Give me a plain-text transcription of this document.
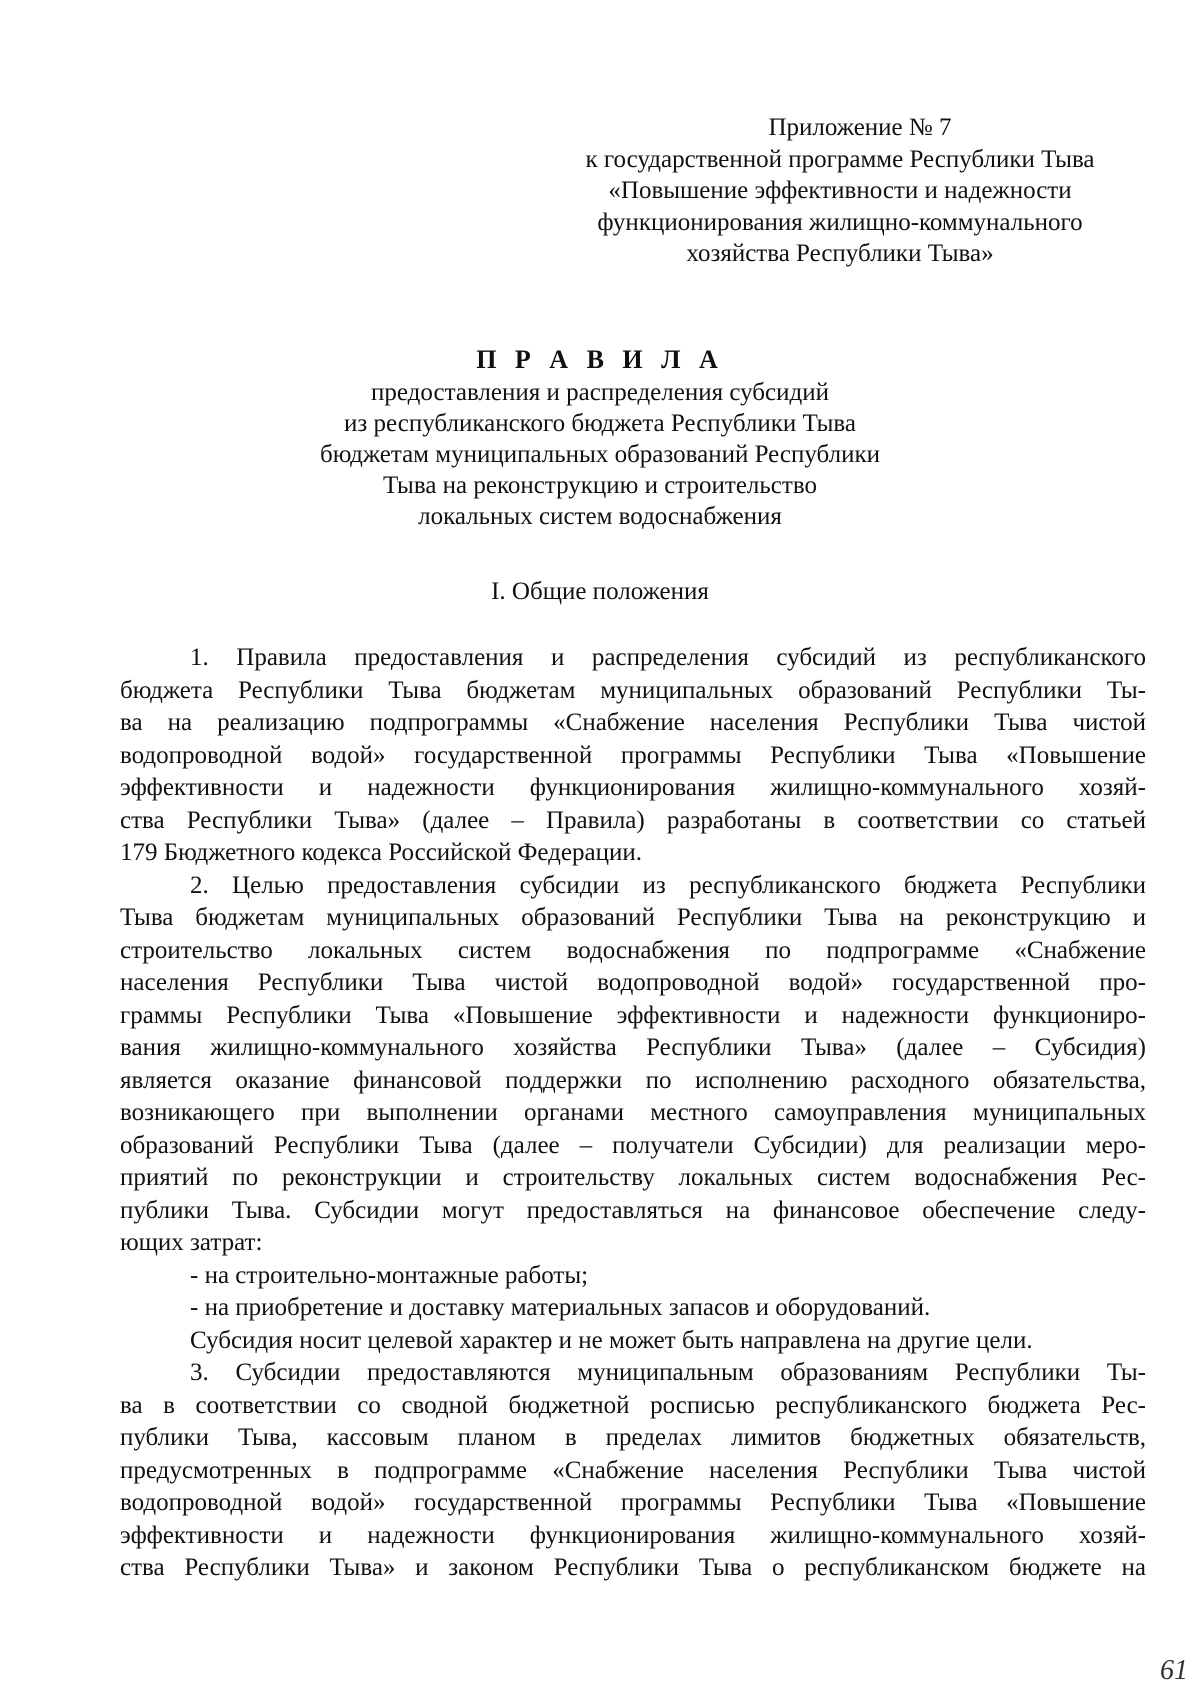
Приложение № 7
к государственной программе Республики Тыва
«Повышение эффективности и надежности
функционирования жилищно-коммунального
хозяйства Республики Тыва»
П Р А В И Л А
предоставления и распределения субсидий
из республиканского бюджета Республики Тыва
бюджетам муниципальных образований Республики
Тыва на реконструкцию и строительство
локальных систем водоснабжения
I. Общие положения
1. Правила предоставления и распределения субсидий из республиканского
бюджета Республики Тыва бюджетам муниципальных образований Республики Ты-
ва на реализацию подпрограммы «Снабжение населения Республики Тыва чистой
водопроводной водой» государственной программы Республики Тыва «Повышение
эффективности и надежности функционирования жилищно-коммунального хозяй-
ства Республики Тыва» (далее – Правила) разработаны в соответствии со статьей
179 Бюджетного кодекса Российской Федерации.
2. Целью предоставления субсидии из республиканского бюджета Республики
Тыва бюджетам муниципальных образований Республики Тыва на реконструкцию и
строительство локальных систем водоснабжения по подпрограмме «Снабжение
населения Республики Тыва чистой водопроводной водой» государственной про-
граммы Республики Тыва «Повышение эффективности и надежности функциониро-
вания жилищно-коммунального хозяйства Республики Тыва» (далее – Субсидия)
является оказание финансовой поддержки по исполнению расходного обязательства,
возникающего при выполнении органами местного самоуправления муниципальных
образований Республики Тыва (далее – получатели Субсидии) для реализации меро-
приятий по реконструкции и строительству локальных систем водоснабжения Рес-
публики Тыва. Субсидии могут предоставляться на финансовое обеспечение следу-
ющих затрат:
- на строительно-монтажные работы;
- на приобретение и доставку материальных запасов и оборудований.
Субсидия носит целевой характер и не может быть направлена на другие цели.
3. Субсидии предоставляются муниципальным образованиям Республики Ты-
ва в соответствии со сводной бюджетной росписью республиканского бюджета Рес-
публики Тыва, кассовым планом в пределах лимитов бюджетных обязательств,
предусмотренных в подпрограмме «Снабжение населения Республики Тыва чистой
водопроводной водой» государственной программы Республики Тыва «Повышение
эффективности и надежности функционирования жилищно-коммунального хозяй-
ства Республики Тыва» и законом Республики Тыва о республиканском бюджете на
61
